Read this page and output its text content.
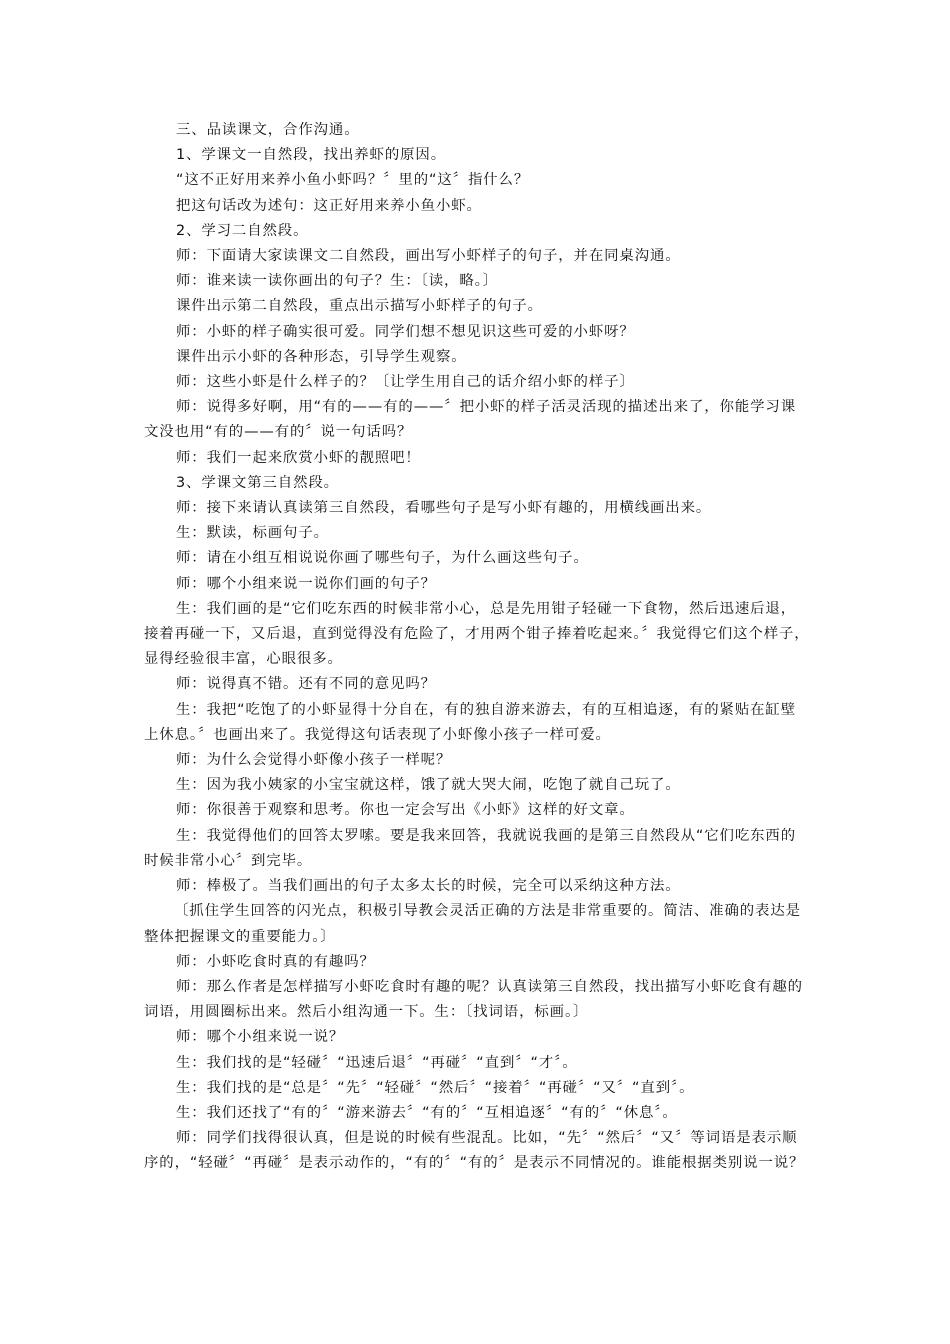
三、品读课文，合作沟通。

1、学课文一自然段，找出养虾的原因。

“这不正好用来养小鱼小虾吗？〞里的“这〞指什么？

把这句话改为述句：这正好用来养小鱼小虾。

2、学习二自然段。

师：下面请大家读课文二自然段，画出写小虾样子的句子，并在同桌沟通。

师：谁来读一读你画出的句子？生：〔读，略。〕

课件出示第二自然段，重点出示描写小虾样子的句子。

师：小虾的样子确实很可爱。同学们想不想见识这些可爱的小虾呀？

课件出示小虾的各种形态，引导学生观察。

师：这些小虾是什么样子的？〔让学生用自己的话介绍小虾的样子〕

师：说得多好啊，用“有的——有的——〞把小虾的样子活灵活现的描述出来了，你能学习课文没也用“有的——有的〞说一句话吗？

师：我们一起来欣赏小虾的靓照吧！

3、学课文第三自然段。

师：接下来请认真读第三自然段，看哪些句子是写小虾有趣的，用横线画出来。

生：默读，标画句子。

师：请在小组互相说说你画了哪些句子，为什么画这些句子。

师：哪个小组来说一说你们画的句子？

生：我们画的是“它们吃东西的时候非常小心，总是先用钳子轻碰一下食物，然后迅速后退，接着再碰一下，又后退，直到觉得没有危险了，才用两个钳子捧着吃起来。〞我觉得它们这个样子，显得经验很丰富，心眼很多。

师：说得真不错。还有不同的意见吗？

生：我把“吃饱了的小虾显得十分自在，有的独自游来游去，有的互相追逐，有的紧贴在缸壁上休息。〞也画出来了。我觉得这句话表现了小虾像小孩子一样可爱。

师：为什么会觉得小虾像小孩子一样呢？

生：因为我小姨家的小宝宝就这样，饿了就大哭大闹，吃饱了就自己玩了。

师：你很善于观察和思考。你也一定会写出《小虾》这样的好文章。

生：我觉得他们的回答太罗嗦。要是我来回答，我就说我画的是第三自然段从“它们吃东西的时候非常小心〞到完毕。

师：棒极了。当我们画出的句子太多太长的时候，完全可以采纳这种方法。

〔抓住学生回答的闪光点，积极引导教会灵活正确的方法是非常重要的。简洁、准确的表达是整体把握课文的重要能力。〕

师：小虾吃食时真的有趣吗？

师：那么作者是怎样描写小虾吃食时有趣的呢？认真读第三自然段，找出描写小虾吃食有趣的词语，用圆圈标出来。然后小组沟通一下。生：〔找词语，标画。〕

师：哪个小组来说一说？

生：我们找的是“轻碰〞“迅速后退〞“再碰〞“直到〞“才〞。

生：我们找的是“总是〞“先〞“轻碰〞“然后〞“接着〞“再碰〞“又〞“直到〞。

生：我们还找了“有的〞“游来游去〞“有的〞“互相追逐〞“有的〞“休息〞。

师：同学们找得很认真，但是说的时候有些混乱。比如，“先〞“然后〞“又〞等词语是表示顺序的，“轻碰〞“再碰〞是表示动作的，“有的〞“有的〞是表示不同情况的。谁能根据类别说一说？
